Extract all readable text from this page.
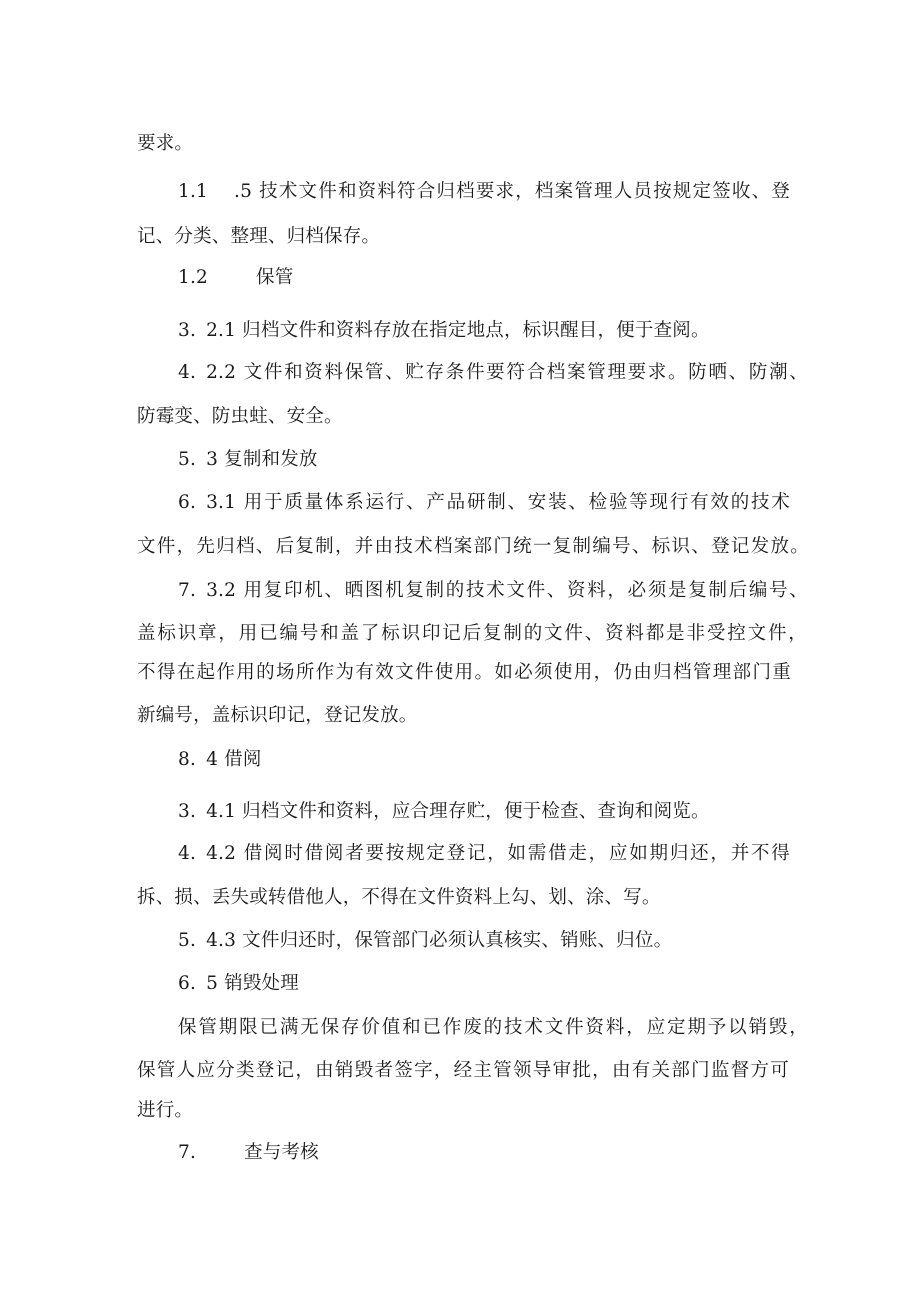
要求。
1.1 .5 技术文件和资料符合归档要求，档案管理人员按规定签收、登
记、分类、整理、归档保存。
1.2	保管
3. 2.1 归档文件和资料存放在指定地点，标识醒目，便于查阅。
4. 2.2 文件和资料保管、贮存条件要符合档案管理要求。防晒、防潮、
防霉变、防虫蛀、安全。
5. 3 复制和发放
6. 3.1 用于质量体系运行、产品研制、安装、检验等现行有效的技术
文件，先归档、后复制，并由技术档案部门统一复制编号、标识、登记发放。
7. 3.2 用复印机、晒图机复制的技术文件、资料，必须是复制后编号、
盖标识章，用已编号和盖了标识印记后复制的文件、资料都是非受控文件，
不得在起作用的场所作为有效文件使用。如必须使用，仍由归档管理部门重
新编号，盖标识印记，登记发放。
8. 4 借阅
3. 4.1 归档文件和资料，应合理存贮，便于检查、查询和阅览。
4. 4.2 借阅时借阅者要按规定登记，如需借走，应如期归还，并不得
拆、损、丢失或转借他人，不得在文件资料上勾、划、涂、写。
5. 4.3 文件归还时，保管部门必须认真核实、销账、归位。
6. 5 销毁处理
保管期限已满无保存价值和已作废的技术文件资料，应定期予以销毁，
保管人应分类登记，由销毁者签字，经主管领导审批，由有关部门监督方可
进行。
7.	查与考核
